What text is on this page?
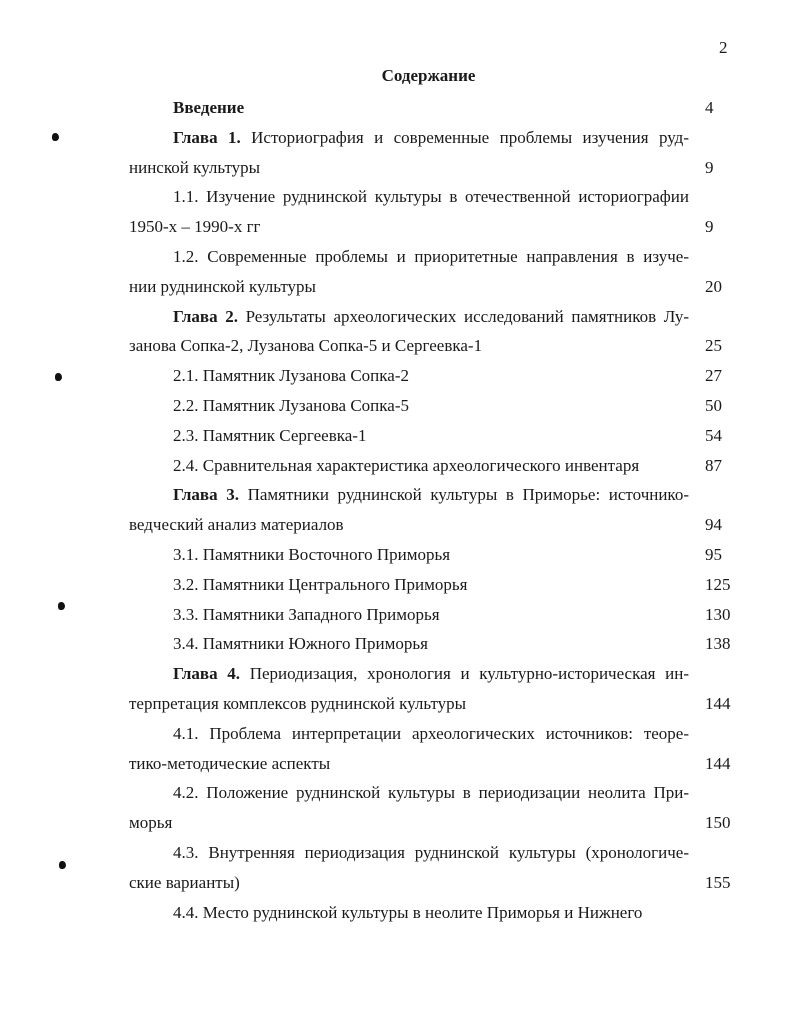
2
Содержание
Введение	4
Глава 1. Историография и современные проблемы изучения руд-
нинской культуры	9
1.1. Изучение руднинской культуры в отечественной историографии
1950-х – 1990-х гг	9
1.2. Современные проблемы и приоритетные направления в изуче-
нии руднинской культуры	20
Глава 2. Результаты археологических исследований памятников Лу-
занова Сопка-2, Лузанова Сопка-5 и Сергеевка-1	25
2.1. Памятник Лузанова Сопка-2	27
2.2. Памятник Лузанова Сопка-5	50
2.3. Памятник Сергеевка-1	54
2.4. Сравнительная характеристика археологического инвентаря	87
Глава 3. Памятники руднинской культуры в Приморье: источнико-
ведческий анализ материалов	94
3.1. Памятники Восточного Приморья	95
3.2. Памятники Центрального Приморья	125
3.3. Памятники Западного Приморья	130
3.4. Памятники Южного Приморья	138
Глава 4. Периодизация, хронология и культурно-историческая ин-
терпретация комплексов руднинской культуры	144
4.1. Проблема интерпретации археологических источников: теоре-
тико-методические аспекты	144
4.2. Положение руднинской культуры в периодизации неолита При-
морья	150
4.3. Внутренняя периодизация руднинской культуры (хронологиче-
ские варианты)	155
4.4. Место руднинской культуры в неолите Приморья и Нижнего
